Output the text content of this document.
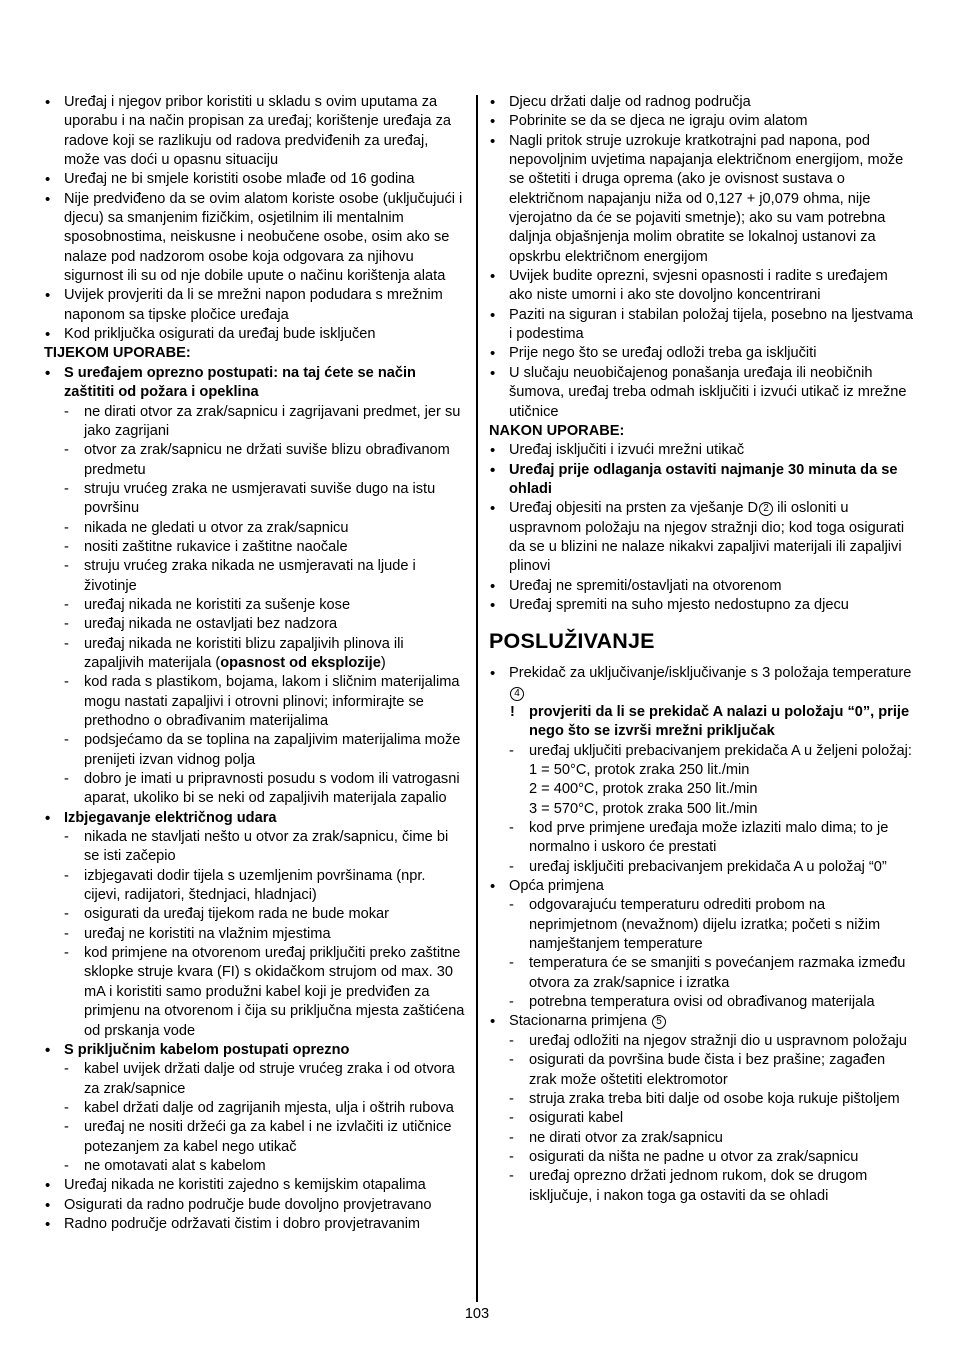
• Uređaj i njegov pribor koristiti u skladu s ovim uputama za uporabu i na način propisan za uređaj; korištenje uređaja za radove koji se razlikuju od radova predviđenih za uređaj, može vas doći u opasnu situaciju
• Uređaj ne bi smjele koristiti osobe mlađe od 16 godina
• Nije predviđeno da se ovim alatom koriste osobe (uključujući i djecu) sa smanjenim fizičkim, osjetilnim ili mentalnim sposobnostima, neiskusne i neobučene osobe, osim ako se nalaze pod nadzorom osobe koja odgovara za njihovu sigurnost ili su od nje dobile upute o načinu korištenja alata
• Uvijek provjeriti da li se mrežni napon podudara s mrežnim naponom sa tipske pločice uređaja
• Kod priključka osigurati da uređaj bude isključen
TIJEKOM UPORABE:
• S uređajem oprezno postupati: na taj ćete se način zaštititi od požara i opeklina
- ne dirati otvor za zrak/sapnicu i zagrijavani predmet, jer su jako zagrijani
- otvor za zrak/sapnicu ne držati suviše blizu obrađivanom predmetu
- struju vrućeg zraka ne usmjeravati suviše dugo na istu površinu
- nikada ne gledati u otvor za zrak/sapnicu
- nositi zaštitne rukavice i zaštitne naočale
- struju vrućeg zraka nikada ne usmjeravati na ljude i životinje
- uređaj nikada ne koristiti za sušenje kose
- uređaj nikada ne ostavljati bez nadzora
- uređaj nikada ne koristiti blizu zapaljivih plinova ili zapaljivih materijala (opasnost od eksplozije)
- kod rada s plastikom, bojama, lakom i sličnim materijalima mogu nastati zapaljivi i otrovni plinovi; informirajte se prethodno o obrađivanim materijalima
- podsjećamo da se toplina na zapaljivim materijalima može prenijeti izvan vidnog polja
- dobro je imati u pripravnosti posudu s vodom ili vatrogasni aparat, ukoliko bi se neki od zapaljivih materijala zapalio
• Izbjegavanje električnog udara
- nikada ne stavljati nešto u otvor za zrak/sapnicu, čime bi se isti začepio
- izbjegavati dodir tijela s uzemljenim površinama (npr. cijevi, radijatori, štednjaci, hladnjaci)
- osigurati da uređaj tijekom rada ne bude mokar
- uređaj ne koristiti na vlažnim mjestima
- kod primjene na otvorenom uređaj priključiti preko zaštitne sklopke struje kvara (FI) s okidačkom strujom od max. 30 mA i koristiti samo produžni kabel koji je predviđen za primjenu na otvorenom i čija su priključna mjesta zaštićena od prskanja vode
• S priključnim kabelom postupati oprezno
- kabel uvijek držati dalje od struje vrućeg zraka i od otvora za zrak/sapnice
- kabel držati dalje od zagrijanih mjesta, ulja i oštrih rubova
- uređaj ne nositi držeći ga za kabel i ne izvlačiti iz utičnice potezanjem za kabel nego utikač
- ne omotavati alat s kabelom
• Uređaj nikada ne koristiti zajedno s kemijskim otapalima
• Osigurati da radno područje bude dovoljno provjetravano
• Radno područje održavati čistim i dobro provjetravanim
• Djecu držati dalje od radnog područja
• Pobrinite se da se djeca ne igraju ovim alatom
• Nagli pritok struje uzrokuje kratkotrajni pad napona, pod nepovoljnim uvjetima napajanja električnom energijom, može se oštetiti i druga oprema (ako je ovisnost sustava o električnom napajanju niža od 0,127 + j0,079 ohma, nije vjerojatno da će se pojaviti smetnje); ako su vam potrebna daljnja objašnjenja molim obratite se lokalnoj ustanovi za opskrbu električnom energijom
• Uvijek budite oprezni, svjesni opasnosti i radite s uređajem ako niste umorni i ako ste dovoljno koncentrirani
• Paziti na siguran i stabilan položaj tijela, posebno na ljestvama i podestima
• Prije nego što se uređaj odloži treba ga isključiti
• U slučaju neuobičajenog ponašanja uređaja ili neobičnih šumova, uređaj treba odmah isključiti i izvući utikač iz mrežne utičnice
NAKON UPORABE:
• Uređaj isključiti i izvući mrežni utikač
• Uređaj prije odlaganja ostaviti najmanje 30 minuta da se ohladi
• Uređaj objesiti na prsten za vješanje D 2 ili osloniti u uspravnom položaju na njegov stražnji dio; kod toga osigurati da se u blizini ne nalaze nikakvi zapaljivi materijali ili zapaljivi plinovi
• Uređaj ne spremiti/ostavljati na otvorenom
• Uređaj spremiti na suho mjesto nedostupno za djecu
POSLUŽIVANJE
• Prekidač za uključivanje/isključivanje s 3 položaja temperature 4
! provjeriti da li se prekidač A nalazi u položaju “0”, prije nego što se izvrši mrežni priključak
- uređaj uključiti prebacivanjem prekidača A u željeni položaj:
1 = 50°C, protok zraka 250 lit./min
2 = 400°C, protok zraka 250 lit./min
3 = 570°C, protok zraka 500 lit./min
- kod prve primjene uređaja može izlaziti malo dima; to je normalno i uskoro će prestati
- uređaj isključiti prebacivanjem prekidača A u položaj “0”
• Opća primjena
- odgovarajuću temperaturu odrediti probom na neprimjetnom (nevažnom) dijelu izratka; početi s nižim namještanjem temperature
- temperatura će se smanjiti s povećanjem razmaka između otvora za zrak/sapnice i izratka
- potrebna temperatura ovisi od obrađivanog materijala
• Stacionarna primjena 5
- uređaj odložiti na njegov stražnji dio u uspravnom položaju
- osigurati da površina bude čista i bez prašine; zagađen zrak može oštetiti elektromotor
- struja zraka treba biti dalje od osobe koja rukuje pištoljem
- osigurati kabel
- ne dirati otvor za zrak/sapnicu
- osigurati da ništa ne padne u otvor za zrak/sapnicu
- uređaj oprezno držati jednom rukom, dok se drugom isključuje, i nakon toga ga ostaviti da se ohladi
103
